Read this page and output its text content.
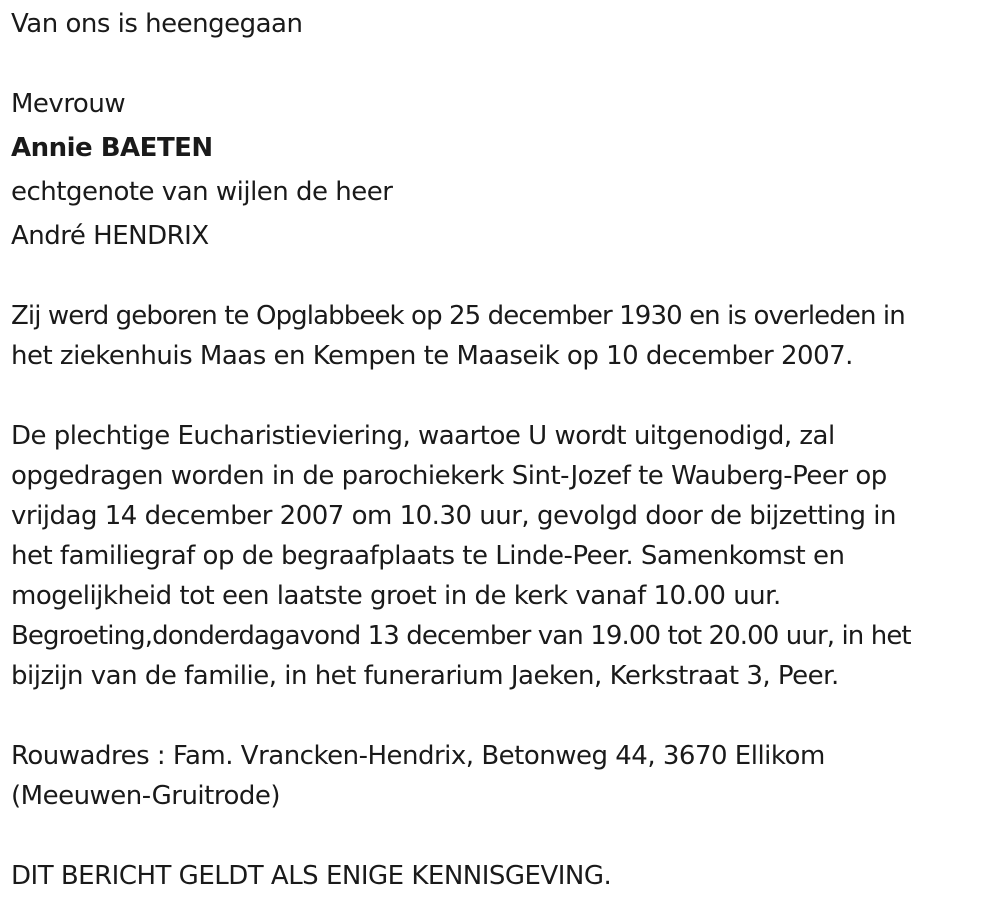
Van ons is heengegaan

Mevrouw

Annie BAETEN

echtgenote van wijlen de heer

André HENDRIX

Zij werd geboren te Opglabbeek op 25 december 1930 en is overleden in

het ziekenhuis Maas en Kempen te Maaseik op 10 december 2007.

De plechtige Eucharistieviering, waartoe U wordt uitgenodigd, zal

opgedragen worden in de parochiekerk Sint-Jozef te Wauberg-Peer op

vrijdag 14 december 2007 om 10.30 uur, gevolgd door de bijzetting in

het familiegraf op de begraafplaats te Linde-Peer. Samenkomst en

mogelijkheid tot een laatste groet in de kerk vanaf 10.00 uur.

Begroeting,donderdagavond 13 december van 19.00 tot 20.00 uur, in het

bijzijn van de familie, in het funerarium Jaeken, Kerkstraat 3, Peer.

Rouwadres : Fam. Vrancken-Hendrix, Betonweg 44, 3670 Ellikom

(Meeuwen-Gruitrode)

DIT BERICHT GELDT ALS ENIGE KENNISGEVING.
